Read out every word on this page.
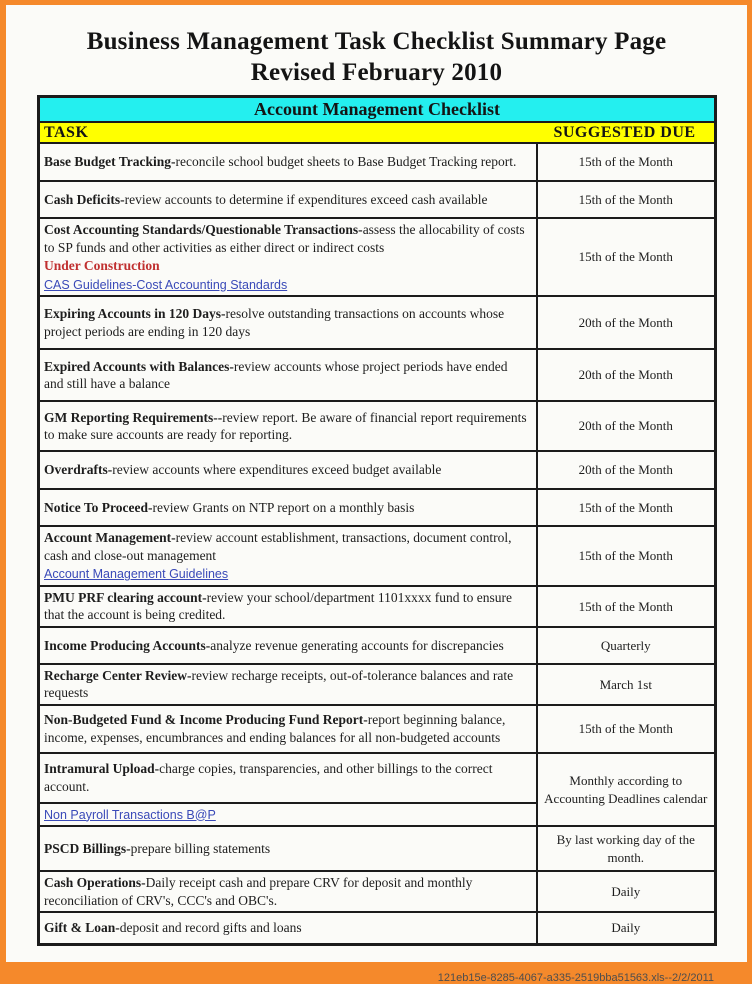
Business Management Task Checklist Summary Page
Revised February 2010
Account Management Checklist	

TASK SUGGESTED DUE	

Base Budget Tracking-reconcile school budget sheets to Base Budget Tracking report.	15th of the Month
Cash Deficits-review accounts to determine if expenditures exceed cash available	15th of the Month

Cost Accounting Standards/Questionable Transactions-assess the allocability of costs to SP funds and other activities as either direct or indirect costs
Under Construction
CAS Guidelines-Cost Accounting Standards	15th of the Month
Expiring Accounts in 120 Days-resolve outstanding transactions on accounts whose project periods are ending in 120 days	20th of the Month
Expired Accounts with Balances-review accounts whose project periods have ended and still have a balance	20th of the Month
GM Reporting Requirements--review report. Be aware of financial report requirements to make sure accounts are ready for reporting.	20th of the Month
Overdrafts-review accounts where expenditures exceed budget available	20th of the Month
Notice To Proceed-review Grants on NTP report on a monthly basis	15th of the Month

Account Management-review account establishment, transactions, document control, cash and close-out management
Account Management Guidelines	15th of the Month
PMU PRF clearing account-review your school/department 1101xxxx fund to ensure that the account is being credited.	15th of the Month
Income Producing Accounts-analyze revenue generating accounts for discrepancies	Quarterly
Recharge Center Review-review recharge receipts, out-of-tolerance balances and rate requests	March 1st
Non-Budgeted Fund & Income Producing Fund Report-report beginning balance, income, expenses, encumbrances and ending balances for all non-budgeted accounts	15th of the Month
Intramural Upload-charge copies, transparencies, and other billings to the correct account.	Monthly according to Accounting Deadlines calendar
Non Payroll Transactions B@P	
PSCD Billings-prepare billing statements	By last working day of the month.
Cash Operations-Daily receipt cash and prepare CRV for deposit and monthly reconciliation of CRV's, CCC's and OBC's.	Daily
Gift & Loan-deposit and record gifts and loans	Daily
121eb15e-8285-4067-a335-2519bba51563.xls--2/2/2011
